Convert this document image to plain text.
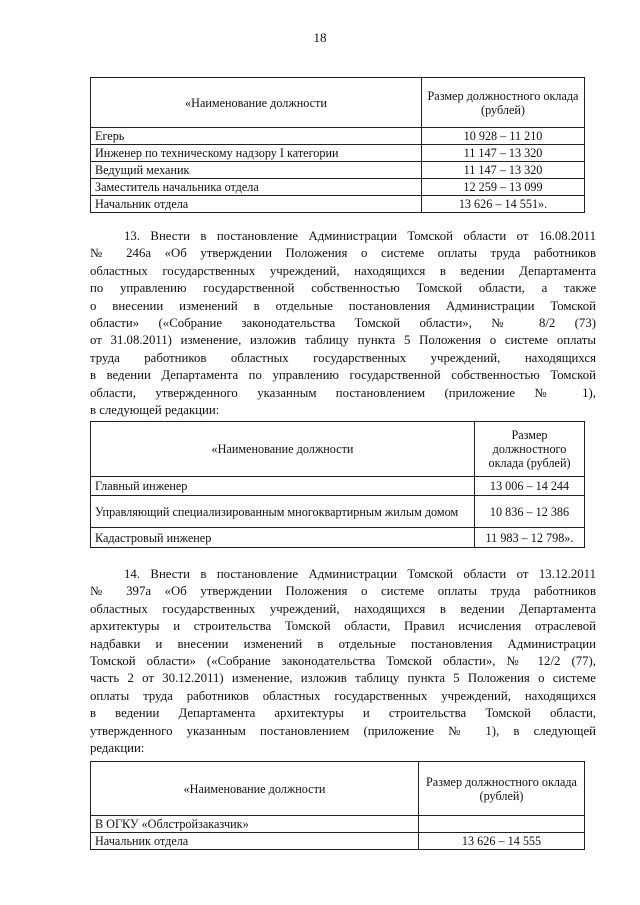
18
«Наименование должности	Размер должностного оклада (рублей)
Егерь	10 928 – 11 210
Инженер по техническому надзору I категории	11 147 – 13 320
Ведущий механик	11 147 – 13 320
Заместитель начальника отдела	12 259 – 13 099
Начальник отдела	13 626 – 14 551».
13. Внести в постановление Администрации Томской области от 16.08.2011
№ 246а «Об утверждении Положения о системе оплаты труда работников
областных государственных учреждений, находящихся в ведении Департамента
по управлению государственной собственностью Томской области, а также
о внесении изменений в отдельные постановления Администрации Томской
области» («Собрание законодательства Томской области», № 8/2 (73)
от 31.08.2011) изменение, изложив таблицу пункта 5 Положения о системе оплаты
труда работников областных государственных учреждений, находящихся
в ведении Департамента по управлению государственной собственностью Томской
области, утвержденного указанным постановлением (приложение № 1),
в следующей редакции:
«Наименование должности	Размер должностного оклада (рублей)
Главный инженер	13 006 – 14 244
Управляющий специализированным многоквартирным жилым домом	10 836 – 12 386
Кадастровый инженер	11 983 – 12 798».
14. Внести в постановление Администрации Томской области от 13.12.2011
№ 397а «Об утверждении Положения о системе оплаты труда работников
областных государственных учреждений, находящихся в ведении Департамента
архитектуры и строительства Томской области, Правил исчисления отраслевой
надбавки и внесении изменений в отдельные постановления Администрации
Томской области» («Собрание законодательства Томской области», № 12/2 (77),
часть 2 от 30.12.2011) изменение, изложив таблицу пункта 5 Положения о системе
оплаты труда работников областных государственных учреждений, находящихся
в ведении Департамента архитектуры и строительства Томской области,
утвержденного указанным постановлением (приложение № 1), в следующей
редакции:
«Наименование должности	Размер должностного оклада (рублей)
В ОГКУ «Облстройзаказчик»	
Начальник отдела	13 626 – 14 555
